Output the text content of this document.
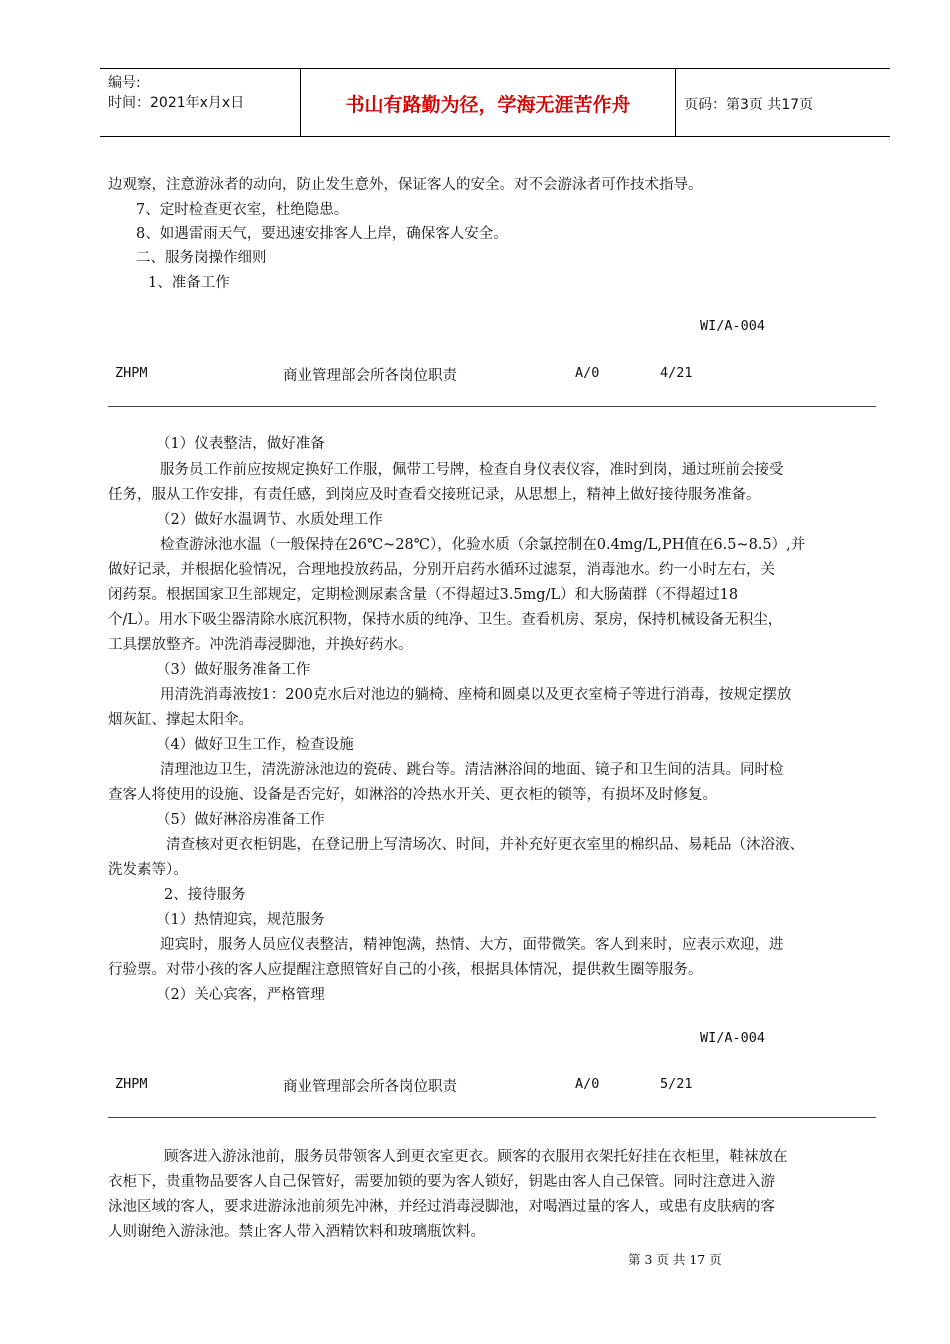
编号:
时间：2021年x月x日	书山有路勤为径，学海无涯苦作舟	页码：第3页 共17页
边观察，注意游泳者的动向，防止发生意外，保证客人的安全。对不会游泳者可作技术指导。
7、定时检查更衣室，杜绝隐患。
8、如遇雷雨天气，要迅速安排客人上岸，确保客人安全。
二、服务岗操作细则
1、准备工作
WI/A-004
ZHPM	商业管理部会所各岗位职责	A/0	4/21
（1）仪表整洁，做好准备
服务员工作前应按规定换好工作服，佩带工号牌，检查自身仪表仪容，准时到岗，通过班前会接受
任务，服从工作安排，有责任感，到岗应及时查看交接班记录，从思想上，精神上做好接待服务准备。
（2）做好水温调节、水质处理工作
检查游泳池水温（一般保持在26℃~28℃），化验水质（余氯控制在0.4mg/L,PH值在6.5~8.5）,并
做好记录，并根据化验情况，合理地投放药品，分别开启药水循环过滤泵，消毒池水。约一小时左右，关
闭药泵。根据国家卫生部规定，定期检测尿素含量（不得超过3.5mg/L）和大肠菌群（不得超过18
个/L）。用水下吸尘器清除水底沉积物，保持水质的纯净、卫生。查看机房、泵房，保持机械设备无积尘，
工具摆放整齐。冲洗消毒浸脚池，并换好药水。
（3）做好服务准备工作
用清洗消毒液按1：200克水后对池边的躺椅、座椅和圆桌以及更衣室椅子等进行消毒，按规定摆放
烟灰缸、撑起太阳伞。
（4）做好卫生工作，检查设施
清理池边卫生，清洗游泳池边的瓷砖、跳台等。清洁淋浴间的地面、镜子和卫生间的洁具。同时检
查客人将使用的设施、设备是否完好，如淋浴的冷热水开关、更衣柜的锁等，有损坏及时修复。
（5）做好淋浴房准备工作
清查核对更衣柜钥匙，在登记册上写清场次、时间，并补充好更衣室里的棉织品、易耗品（沐浴液、
洗发素等）。
2、接待服务
（1）热情迎宾，规范服务
迎宾时，服务人员应仪表整洁，精神饱满，热情、大方，面带微笑。客人到来时，应表示欢迎，进
行验票。对带小孩的客人应提醒注意照管好自己的小孩，根据具体情况，提供救生圈等服务。
（2）关心宾客，严格管理
WI/A-004
ZHPM	商业管理部会所各岗位职责	A/0	5/21
顾客进入游泳池前，服务员带领客人到更衣室更衣。顾客的衣服用衣架托好挂在衣柜里，鞋袜放在
衣柜下，贵重物品要客人自己保管好，需要加锁的要为客人锁好，钥匙由客人自己保管。同时注意进入游
泳池区域的客人，要求进游泳池前须先冲淋，并经过消毒浸脚池，对喝酒过量的客人，或患有皮肤病的客
人则谢绝入游泳池。禁止客人带入酒精饮料和玻璃瓶饮料。
第 3 页 共 17 页
